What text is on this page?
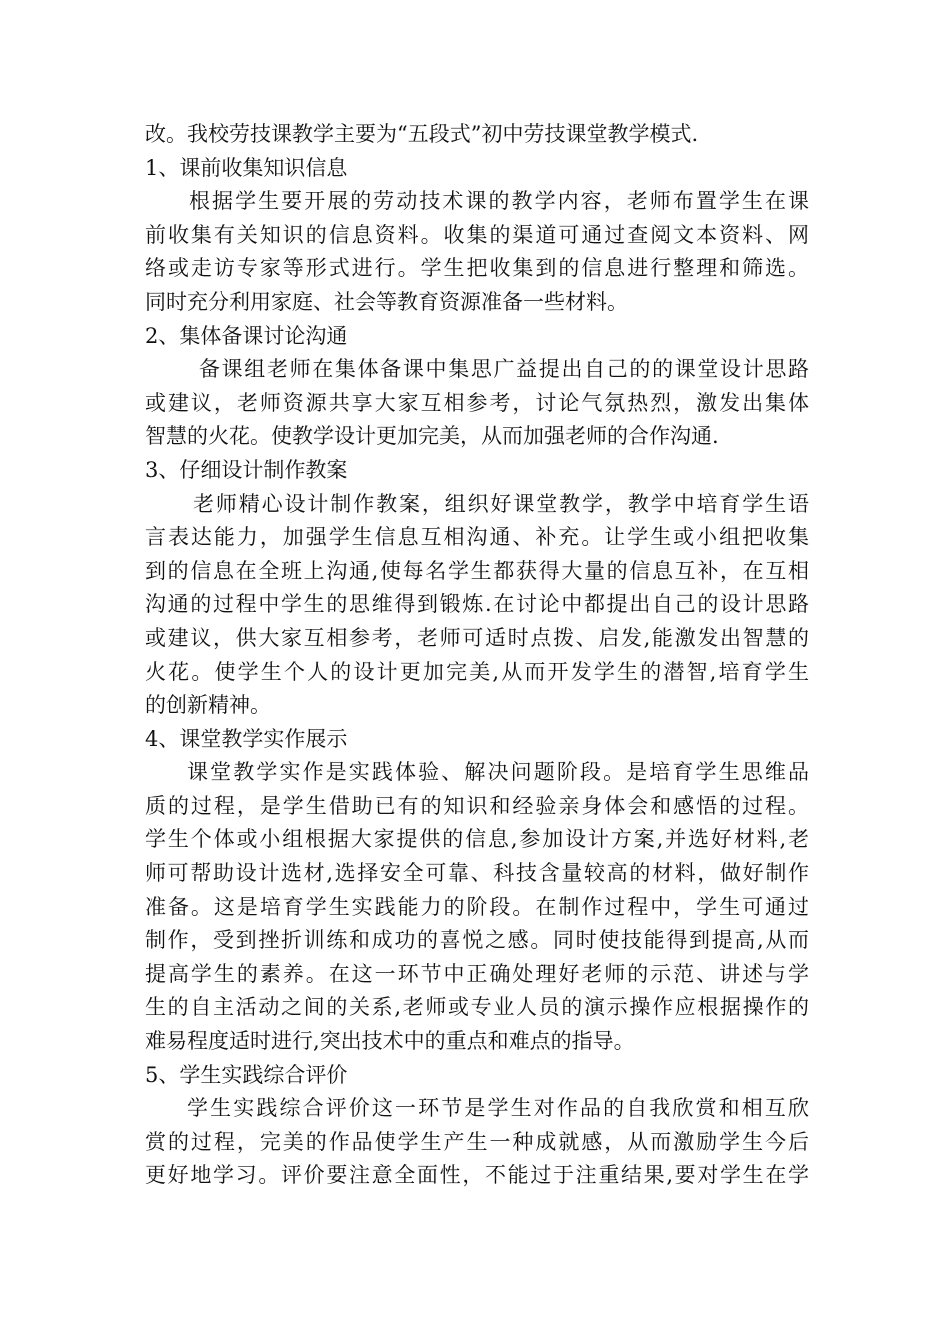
改。我校劳技课教学主要为“五段式”初中劳技课堂教学模式.
1、课前收集知识信息
根据学生要开展的劳动技术课的教学内容，老师布置学生在课
前收集有关知识的信息资料。收集的渠道可通过查阅文本资料、网
络或走访专家等形式进行。学生把收集到的信息进行整理和筛选。
同时充分利用家庭、社会等教育资源准备一些材料。
2、集体备课讨论沟通
备课组老师在集体备课中集思广益提出自己的的课堂设计思路
或建议，老师资源共享大家互相参考，讨论气氛热烈，激发出集体
智慧的火花。使教学设计更加完美，从而加强老师的合作沟通.
3、仔细设计制作教案
老师精心设计制作教案，组织好课堂教学，教学中培育学生语
言表达能力，加强学生信息互相沟通、补充。让学生或小组把收集
到的信息在全班上沟通,使每名学生都获得大量的信息互补，在互相
沟通的过程中学生的思维得到锻炼.在讨论中都提出自己的设计思路
或建议，供大家互相参考，老师可适时点拨、启发,能激发出智慧的
火花。使学生个人的设计更加完美,从而开发学生的潜智,培育学生
的创新精神。
4、课堂教学实作展示
课堂教学实作是实践体验、解决问题阶段。是培育学生思维品
质的过程，是学生借助已有的知识和经验亲身体会和感悟的过程。
学生个体或小组根据大家提供的信息,参加设计方案,并选好材料,老
师可帮助设计选材,选择安全可靠、科技含量较高的材料，做好制作
准备。这是培育学生实践能力的阶段。在制作过程中，学生可通过
制作，受到挫折训练和成功的喜悦之感。同时使技能得到提高,从而
提高学生的素养。在这一环节中正确处理好老师的示范、讲述与学
生的自主活动之间的关系,老师或专业人员的演示操作应根据操作的
难易程度适时进行,突出技术中的重点和难点的指导。
5、学生实践综合评价
学生实践综合评价这一环节是学生对作品的自我欣赏和相互欣
赏的过程，完美的作品使学生产生一种成就感，从而激励学生今后
更好地学习。评价要注意全面性，不能过于注重结果,要对学生在学
